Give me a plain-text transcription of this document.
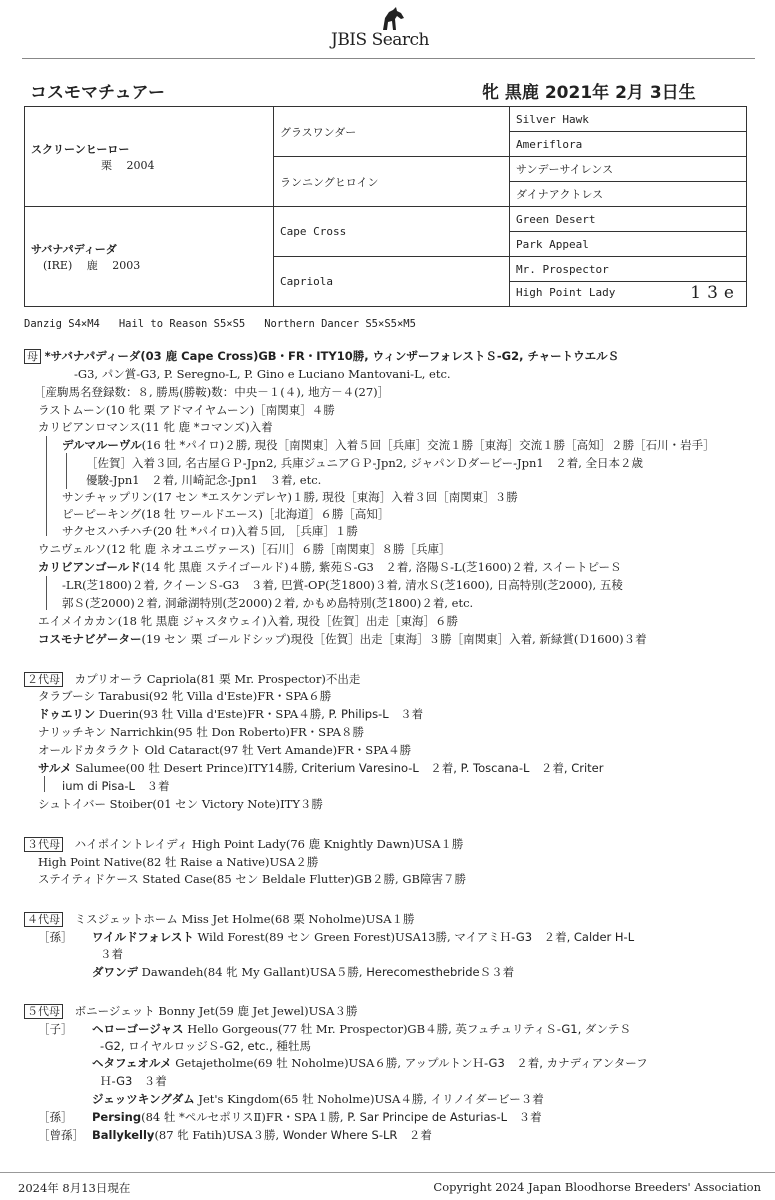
JBIS Search
コスモマチュアー	牝 黒鹿 2021年 2月 3日生
スクリーンヒーロー
栗　 2004	グラスワンダー	Silver Hawk
		Ameriflora
	ランニングヒロイン	サンデーサイレンス
		ダイナアクトレス

サバナパディーダ
(IRE)　 鹿　 2003	Cape Cross	Green Desert
		Park Appeal
	Capriola	Mr. Prospector
		High Point Lady 13e
Danzig S4×M4   Hail to Reason S5×S5   Northern Dancer S5×S5×M5
母 *サバナパディーダ(03 鹿 Cape Cross)GB・FR・ITY10勝, ウィンザーフォレストＳ-G2, チャートウエルＳ
-G3, パン賞-G3, P. Seregno-L, P. Gino e Luciano Mantovani-L, etc.
［産駒馬名登録数：８, 勝馬(勝鞍)数：中央－１(４), 地方－４(27)］
ラストムーン(10 牝 栗 アドマイヤムーン)［南関東］４勝
カリビアンロマンス(11 牝 鹿 *コマンズ)入着
デルマルーヴル(16 牡 *パイロ)２勝, 現役［南関東］入着５回［兵庫］交流１勝［東海］交流１勝［高知］２勝［石川・岩手］
［佐賀］入着３回, 名古屋ＧＰ-Jpn2, 兵庫ジュニアＧＰ-Jpn2, ジャパンＤダービー-Jpn1　２着, 全日本２歳
優駿-Jpn1　２着, 川崎記念-Jpn1　３着, etc.
サンチャップリン(17 セン *エスケンデレヤ)１勝, 現役［東海］入着３回［南関東］３勝
ピーピーキング(18 牡 ワールドエース)［北海道］６勝［高知］
サクセスハチハチ(20 牡 *パイロ)入着５回, ［兵庫］１勝
ウニヴェルソ(12 牝 鹿 ネオユニヴァース)［石川］６勝［南関東］８勝［兵庫］
カリビアンゴールド(14 牝 黒鹿 ステイゴールド)４勝, 紫苑Ｓ-G3　２着, 洛陽Ｓ-L(芝1600)２着, スイートピーＳ
-LR(芝1800)２着, クイーンＳ-G3　３着, 巴賞-OP(芝1800)３着, 清水Ｓ(芝1600), 日高特別(芝2000), 五稜
郭Ｓ(芝2000)２着, 洞爺湖特別(芝2000)２着, かもめ島特別(芝1800)２着, etc.
エイメイカカン(18 牝 黒鹿 ジャスタウェイ)入着, 現役［佐賀］出走［東海］６勝
コスモナビゲーター(19 セン 栗 ゴールドシップ)現役［佐賀］出走［東海］３勝［南関東］入着, 新緑賞(Ｄ1600)３着
２代母 カプリオーラ Capriola(81 栗 Mr. Prospector)不出走
タラブーシ Tarabusi(92 牝 Villa d'Este)FR・SPA６勝
ドゥエリン Duerin(93 牡 Villa d'Este)FR・SPA４勝, P. Philips-L　３着
ナリッチキン Narrichkin(95 牡 Don Roberto)FR・SPA８勝
オールドカタラクト Old Cataract(97 牡 Vert Amande)FR・SPA４勝
サルメ Salumee(00 牡 Desert Prince)ITY14勝, Criterium Varesino-L　２着, P. Toscana-L　２着, Criter
ium di Pisa-L　３着
シュトイバー Stoiber(01 セン Victory Note)ITY３勝
３代母 ハイポイントレイディ High Point Lady(76 鹿 Knightly Dawn)USA１勝
High Point Native(82 牡 Raise a Native)USA２勝
ステイティドケース Stated Case(85 セン Beldale Flutter)GB２勝, GB障害７勝
４代母 ミスジェットホーム Miss Jet Holme(68 栗 Noholme)USA１勝
［孫］ ワイルドフォレスト Wild Forest(89 セン Green Forest)USA13勝, マイアミＨ-G3　２着, Calder H-L
３着
ダワンデ Dawandeh(84 牝 My Gallant)USA５勝, HerecomesthebrideＳ３着
５代母 ボニージェット Bonny Jet(59 鹿 Jet Jewel)USA３勝
［子］ ヘローゴージャス Hello Gorgeous(77 牡 Mr. Prospector)GB４勝, 英フュチュリティＳ-G1, ダンテＳ
-G2, ロイヤルロッジＳ-G2, etc., 種牡馬
ヘタフェオルメ Getajetholme(69 牡 Noholme)USA６勝, アップルトンＨ-G3　２着, カナディアンターフ
Ｈ-G3　３着
ジェッツキングダム Jet's Kingdom(65 牡 Noholme)USA４勝, イリノイダービー３着
［孫］ Persing(84 牡 *ペルセポリスⅡ)FR・SPA１勝, P. Sar Principe de Asturias-L　３着
［曾孫］ Ballykelly(87 牝 Fatih)USA３勝, Wonder Where S-LR　２着
2024年 8月13日現在	Copyright 2024 Japan Bloodhorse Breeders' Association
